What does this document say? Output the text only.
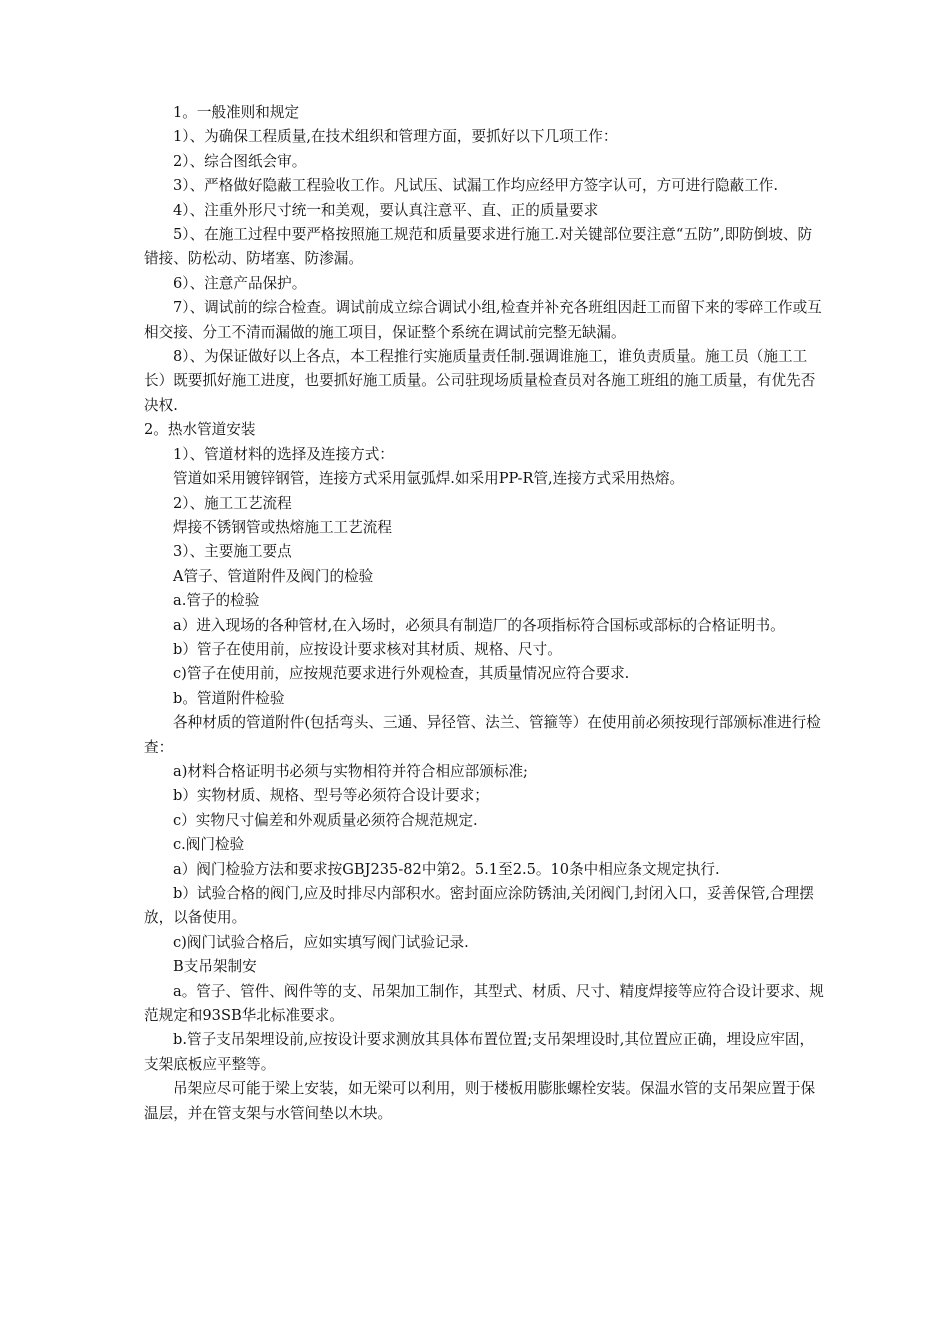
1。一般准则和规定

1）、为确保工程质量,在技术组织和管理方面，要抓好以下几项工作：

2）、综合图纸会审。

3）、严格做好隐蔽工程验收工作。凡试压、试漏工作均应经甲方签字认可，方可进行隐蔽工作.

4）、注重外形尺寸统一和美观，要认真注意平、直、正的质量要求

5）、在施工过程中要严格按照施工规范和质量要求进行施工.对关键部位要注意“五防”,即防倒坡、防错接、防松动、防堵塞、防渗漏。

6）、注意产品保护。

7）、调试前的综合检查。调试前成立综合调试小组,检查并补充各班组因赶工而留下来的零碎工作或互相交接、分工不清而漏做的施工项目，保证整个系统在调试前完整无缺漏。

8）、为保证做好以上各点，本工程推行实施质量责任制.强调谁施工，谁负责质量。施工员（施工工长）既要抓好施工进度，也要抓好施工质量。公司驻现场质量检查员对各施工班组的施工质量，有优先否决权.

2。热水管道安装

1）、管道材料的选择及连接方式：

管道如采用镀锌钢管，连接方式采用氩弧焊.如采用PP-R管,连接方式采用热熔。

2）、施工工艺流程

焊接不锈钢管或热熔施工工艺流程

3）、主要施工要点

A管子、管道附件及阀门的检验

a.管子的检验

a）进入现场的各种管材,在入场时，必须具有制造厂的各项指标符合国标或部标的合格证明书。

b）管子在使用前，应按设计要求核对其材质、规格、尺寸。

c)管子在使用前，应按规范要求进行外观检查，其质量情况应符合要求.

b。管道附件检验

各种材质的管道附件(包括弯头、三通、异径管、法兰、管箍等）在使用前必须按现行部颁标准进行检查：

a)材料合格证明书必须与实物相符并符合相应部颁标准;

b）实物材质、规格、型号等必须符合设计要求；

c）实物尺寸偏差和外观质量必须符合规范规定.

c.阀门检验

a）阀门检验方法和要求按GBJ235-82中第2。5.1至2.5。10条中相应条文规定执行.

b）试验合格的阀门,应及时排尽内部积水。密封面应涂防锈油,关闭阀门,封闭入口，妥善保管,合理摆放，以备使用。

c)阀门试验合格后，应如实填写阀门试验记录.

B支吊架制安

a。管子、管件、阀件等的支、吊架加工制作，其型式、材质、尺寸、精度焊接等应符合设计要求、规范规定和93SB华北标准要求。

b.管子支吊架埋设前,应按设计要求测放其具体布置位置;支吊架埋设时,其位置应正确，埋设应牢固，支架底板应平整等。

吊架应尽可能于梁上安装，如无梁可以利用，则于楼板用膨胀螺栓安装。保温水管的支吊架应置于保温层，并在管支架与水管间垫以木块。
